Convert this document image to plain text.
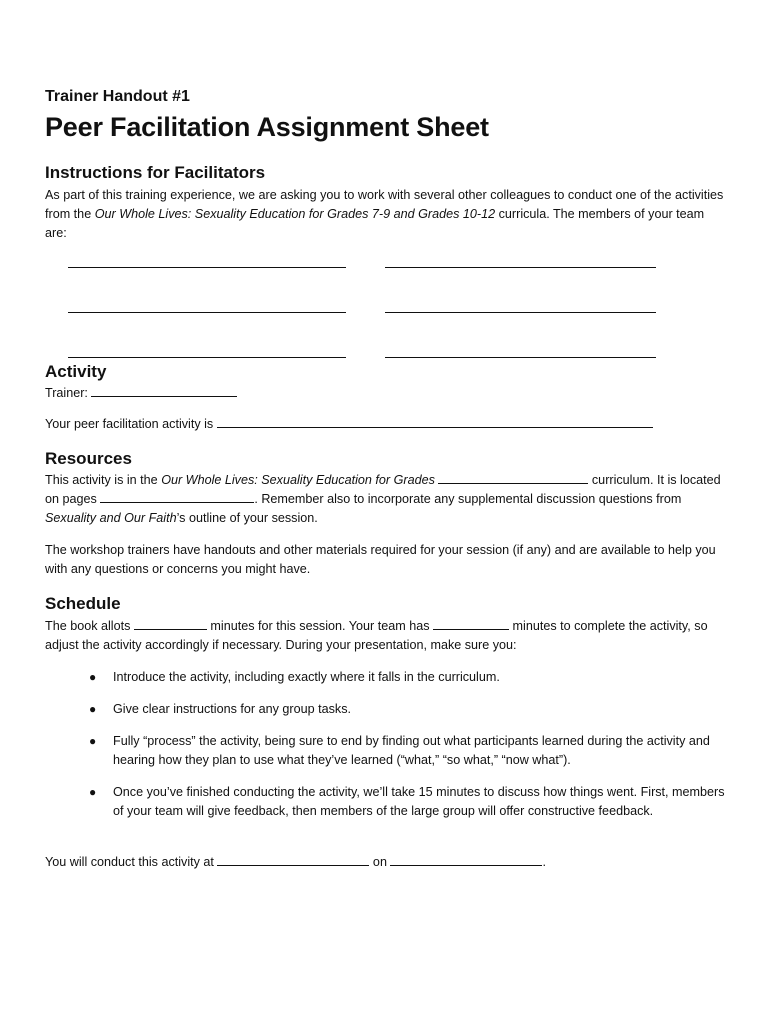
Trainer Handout #1
Peer Facilitation Assignment Sheet
Instructions for Facilitators

As part of this training experience, we are asking you to work with several other colleagues to conduct one of the activities from the Our Whole Lives: Sexuality Education for Grades 7-9 and Grades 10-12 curricula. The members of your team are:

Activity

Trainer:

Your peer facilitation activity is

Resources

This activity is in the Our Whole Lives: Sexuality Education for Grades	curriculum. It is located on pages	. Remember also to incorporate any supplemental discussion questions from Sexuality and Our Faith’s outline of your session.

The workshop trainers have handouts and other materials required for your session (if any) and are available to help you with any questions or concerns you might have.

Schedule

The book allots	minutes for this session. Your team has	minutes to complete the activity, so adjust the activity accordingly if necessary. During your presentation, make sure you:

● Introduce the activity, including exactly where it falls in the curriculum.
● Give clear instructions for any group tasks.
● Fully “process” the activity, being sure to end by finding out what participants learned during the activity and hearing how they plan to use what they’ve learned (“what,” “so what,” “now what”).
● Once you’ve finished conducting the activity, we’ll take 15 minutes to discuss how things went. First, members of your team will give feedback, then members of the large group will offer constructive feedback.

You will conduct this activity at	on	.
